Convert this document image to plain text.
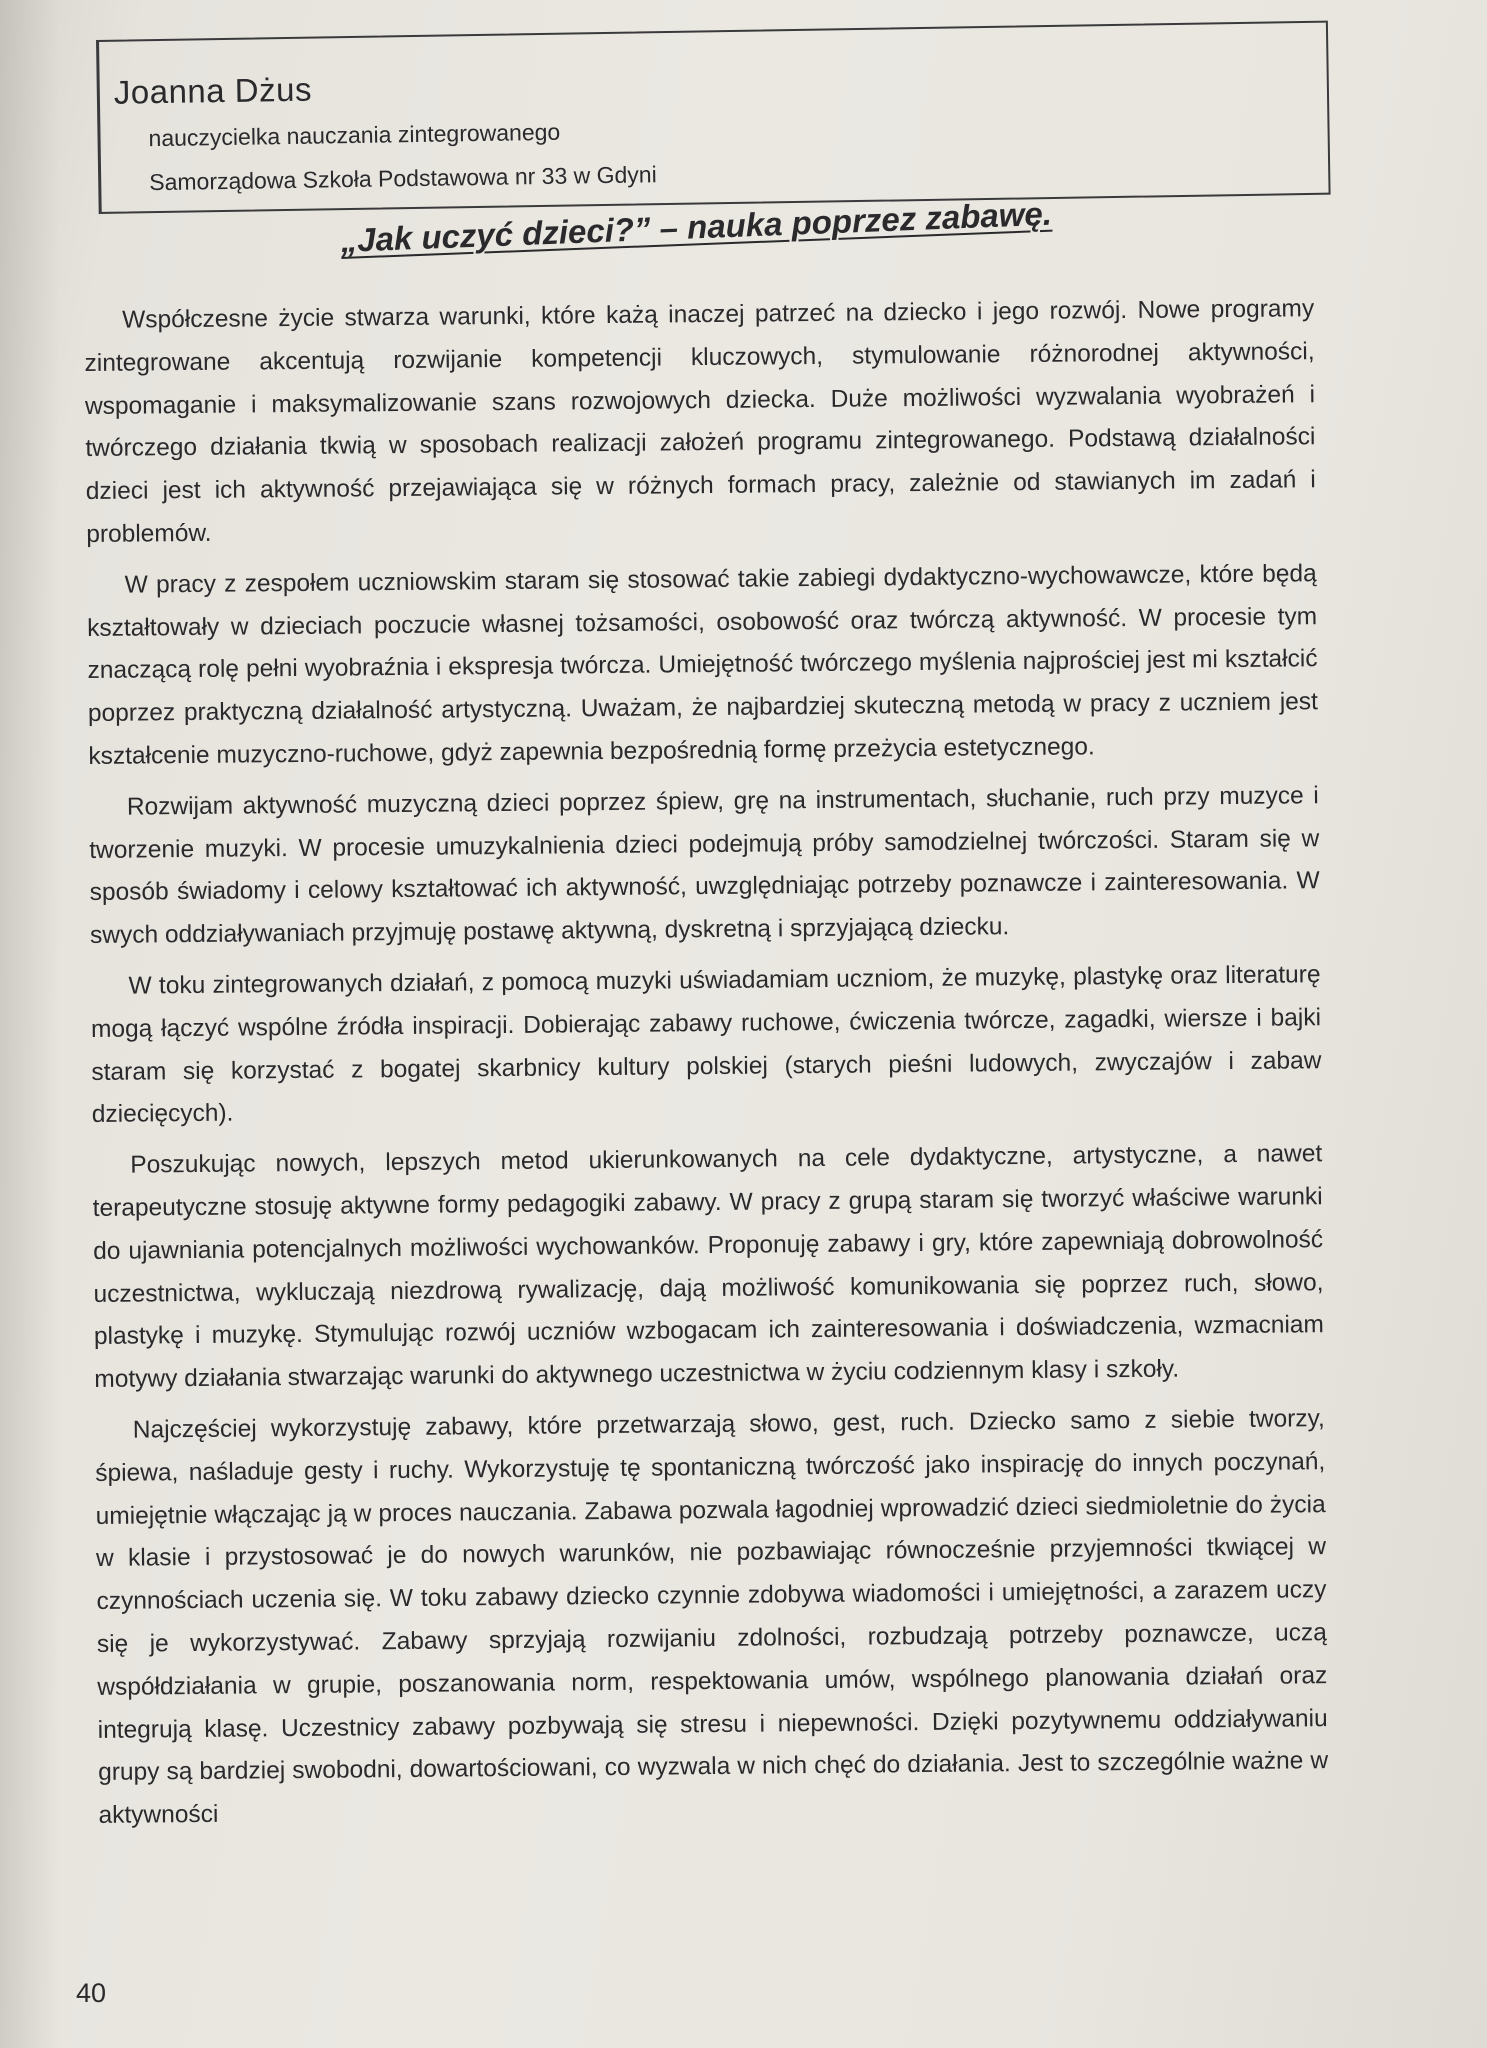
Joanna Dżus

nauczycielka nauczania zintegrowanego

Samorządowa Szkoła Podstawowa nr 33 w Gdyni

„Jak uczyć dzieci?” – nauka poprzez zabawę.

Współczesne życie stwarza warunki, które każą inaczej patrzeć na dziecko i jego rozwój. Nowe programy zintegrowane akcentują rozwijanie kompetencji kluczowych, stymulowanie różnorodnej aktywności, wspomaganie i maksymalizowanie szans rozwojowych dziecka. Duże możliwości wyzwalania wyobrażeń i twórczego działania tkwią w sposobach realizacji założeń programu zintegrowanego. Podstawą działalności dzieci jest ich aktywność przejawiająca się w różnych formach pracy, zależnie od stawianych im zadań i problemów.

W pracy z zespołem uczniowskim staram się stosować takie zabiegi dydaktyczno-wychowawcze, które będą kształtowały w dzieciach poczucie własnej tożsamości, osobowość oraz twórczą aktywność. W procesie tym znaczącą rolę pełni wyobraźnia i ekspresja twórcza. Umiejętność twórczego myślenia najprościej jest mi kształcić poprzez praktyczną działalność artystyczną. Uważam, że najbardziej skuteczną metodą w pracy z uczniem jest kształcenie muzyczno-ruchowe, gdyż zapewnia bezpośrednią formę przeżycia estetycznego.

Rozwijam aktywność muzyczną dzieci poprzez śpiew, grę na instrumentach, słuchanie, ruch przy muzyce i tworzenie muzyki. W procesie umuzykalnienia dzieci podejmują próby samodzielnej twórczości. Staram się w sposób świadomy i celowy kształtować ich aktywność, uwzględniając potrzeby poznawcze i zainteresowania. W swych oddziaływaniach przyjmuję postawę aktywną, dyskretną i sprzyjającą dziecku.

W toku zintegrowanych działań, z pomocą muzyki uświadamiam uczniom, że muzykę, plastykę oraz literaturę mogą łączyć wspólne źródła inspiracji. Dobierając zabawy ruchowe, ćwiczenia twórcze, zagadki, wiersze i bajki staram się korzystać z bogatej skarbnicy kultury polskiej (starych pieśni ludowych, zwyczajów i zabaw dziecięcych).

Poszukując nowych, lepszych metod ukierunkowanych na cele dydaktyczne, artystyczne, a nawet terapeutyczne stosuję aktywne formy pedagogiki zabawy. W pracy z grupą staram się tworzyć właściwe warunki do ujawniania potencjalnych możliwości wychowanków. Proponuję zabawy i gry, które zapewniają dobrowolność uczestnictwa, wykluczają niezdrową rywalizację, dają możliwość komunikowania się poprzez ruch, słowo, plastykę i muzykę. Stymulując rozwój uczniów wzbogacam ich zainteresowania i doświadczenia, wzmacniam motywy działania stwarzając warunki do aktywnego uczestnictwa w życiu codziennym klasy i szkoły.

Najczęściej wykorzystuję zabawy, które przetwarzają słowo, gest, ruch. Dziecko samo z siebie tworzy, śpiewa, naśladuje gesty i ruchy. Wykorzystuję tę spontaniczną twórczość jako inspirację do innych poczynań, umiejętnie włączając ją w proces nauczania. Zabawa pozwala łagodniej wprowadzić dzieci siedmioletnie do życia w klasie i przystosować je do nowych warunków, nie pozbawiając równocześnie przyjemności tkwiącej w czynnościach uczenia się. W toku zabawy dziecko czynnie zdobywa wiadomości i umiejętności, a zarazem uczy się je wykorzystywać. Zabawy sprzyjają rozwijaniu zdolności, rozbudzają potrzeby poznawcze, uczą współdziałania w grupie, poszanowania norm, respektowania umów, wspólnego planowania działań oraz integrują klasę. Uczestnicy zabawy pozbywają się stresu i niepewności. Dzięki pozytywnemu oddziaływaniu grupy są bardziej swobodni, dowartościowani, co wyzwala w nich chęć do działania. Jest to szczególnie ważne w aktywności

40
